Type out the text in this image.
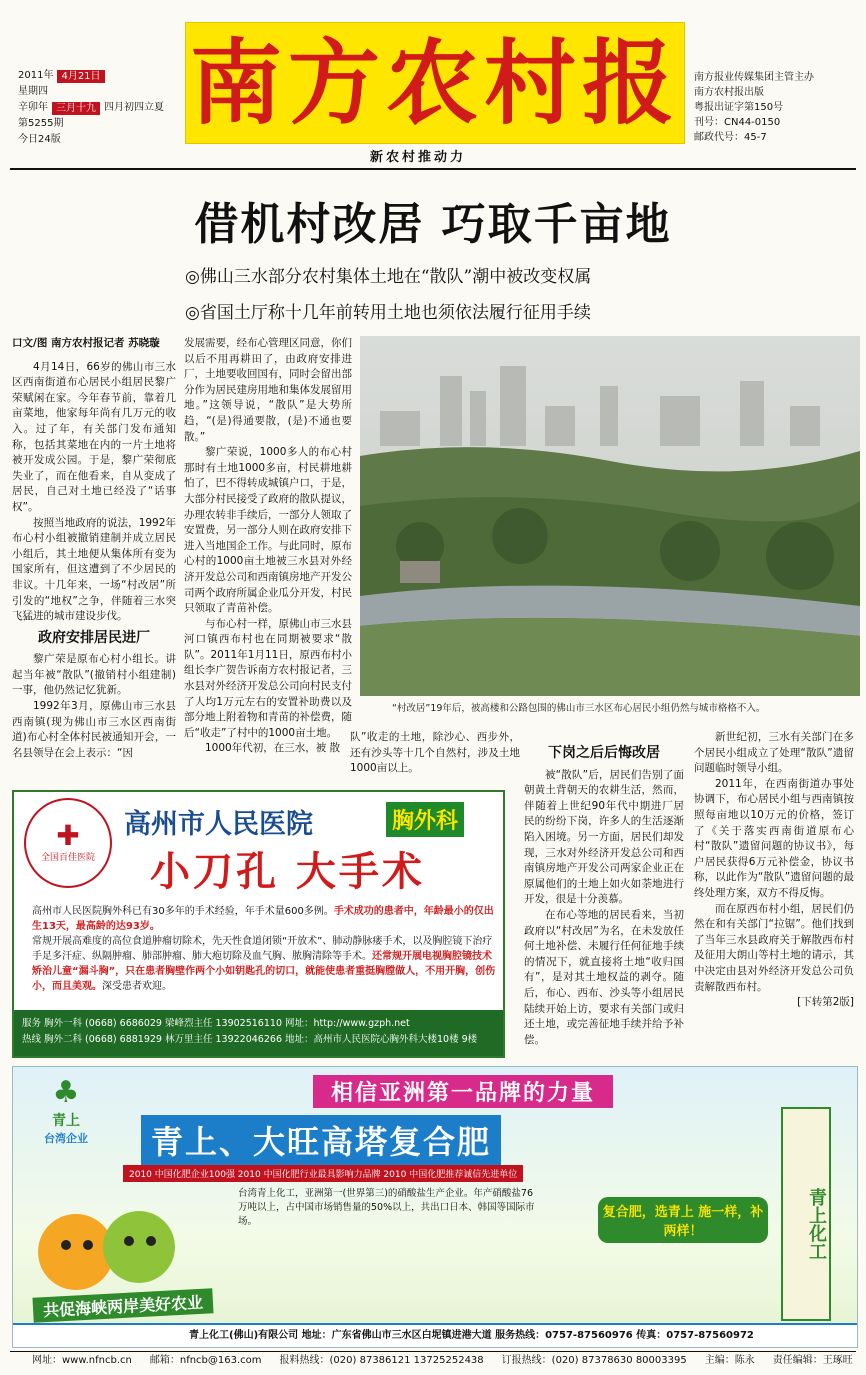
2011年 4月21日
星期四
辛卯年 三月十九 四月初四立夏
第5255期
今日24版
南方农村报
新农村推动力
南方报业传媒集团主管主办
南方农村报出版
粤报出证字第150号
刊号：CN44-0150
邮政代号：45-7
借机村改居 巧取千亩地
◎佛山三水部分农村集体土地在“散队”潮中被改变权属
◎省国土厅称十几年前转用土地也须依法履行征用手续
口文/图 南方农村报记者 苏晓璇

4月14日，66岁的佛山市三水区西南街道布心居民小组居民黎广荣赋闲在家。今年春节前，靠着几亩菜地，他家每年尚有几万元的收入。过了年，有关部门发布通知称，包括其菜地在内的一片土地将被开发成公园。于是，黎广荣彻底失业了，而在他看来，自从变成了居民，自己对土地已经没了“话事权”。

按照当地政府的说法，1992年布心村小组被撤销建制并成立居民小组后，其土地便从集体所有变为国家所有，但这遭到了不少居民的非议。十几年来，一场“村改居”所引发的“地权”之争，伴随着三水突飞猛进的城市建设步伐。

政府安排居民进厂

黎广荣是原布心村小组长。讲起当年被“散队”(撤销村小组建制)一事，他仍然记忆犹新。

1992年3月，原佛山市三水县西南镇(现为佛山市三水区西南街道)布心村全体村民被通知开会，一名县领导在会上表示：“因

发展需要，经布心管理区同意，你们以后不用再耕田了，由政府安排进厂，土地要收回国有，同时会留出部分作为居民建房用地和集体发展留用地。”这领导说，“散队”是大势所趋，“(是)得通要散，(是)不通也要散。”

黎广荣说，1000多人的布心村那时有土地1000多亩，村民耕地耕怕了，巴不得转成城镇户口，于是，大部分村民接受了政府的散队提议，办理农转非手续后，一部分人领取了安置费，另一部分人则在政府安排下进入当地国企工作。与此同时，原布心村的1000亩土地被三水县对外经济开发总公司和西南镇房地产开发公司两个政府所属企业瓜分开发，村民只领取了青苗补偿。

与布心村一样，原佛山市三水县河口镇西布村也在同期被要求“散队”。2011年1月11日，原西布村小组长李广贺告诉南方农村报记者，三水县对外经济开发总公司向村民支付了人均1万元左右的安置补助费以及部分地上附着物和青苗的补偿费，随后“收走”了村中的1000亩土地。

1000年代初，在三水，被 散

队”收走的土地，除沙心、西步外，还有沙头等十几个自然村，涉及土地1000亩以上。

“村改居”19年后，被高楼和公路包围的佛山市三水区布心居民小组仍然与城市格格不入。
下岗之后后悔改居

被“散队”后，居民们告别了面朝黄土背朝天的农耕生活，然而，伴随着上世纪90年代中期进厂居民的纷纷下岗，许多人的生活逐渐陷入困境。另一方面，居民们却发现，三水对外经济开发总公司和西南镇房地产开发公司两家企业正在原属他们的土地上如火如荼地进行开发，很是十分羡慕。

在布心等地的居民看来，当初政府以“村改居”为名，在未发放任何土地补偿、未履行任何征地手续的情况下，就直接将土地“收归国有”，是对其土地权益的剥夺。随后，布心、西布、沙头等小组居民陆续开始上访，要求有关部门或归还土地，或完善征地手续并给予补偿。

新世纪初，三水有关部门在多个居民小组成立了处理“散队”遗留问题临时领导小组。

2011年，在西南街道办事处协调下，布心居民小组与西南镇按照每亩地以10万元的价格，签订了《关于落实西南街道原布心村“散队”遗留问题的协议书》，每户居民获得6万元补偿金，协议书称，以此作为“散队”遗留问题的最终处理方案，双方不得反悔。

而在原西布村小组，居民们仍然在和有关部门“拉锯”。他们找到了当年三水县政府关于解散西布村及征用大朗山等村土地的请示，其中决定由县对外经济开发总公司负责解散西布村。

[下转第2版]
✚
全国百佳医院
高州市人民医院	胸外科
小刀孔 大手术
高州市人民医院胸外科已有30多年的手术经验，年手术量600多例。手术成功的患者中，年龄最小的仅出生13天，最高龄的达93岁。
常规开展高难度的高位食道肿瘤切除术，先天性食道闭锁“开放术”、肺动静脉瘘手术，以及胸腔镜下治疗手足多汗症、纵隔肿瘤、肺部肿瘤、肺大疱切除及血气胸、脓胸清除等手术。还常规开展电视胸腔镜技术矫治儿童“漏斗胸”，只在患者胸壁作两个小如钥匙孔的切口，就能使患者重挺胸膛做人，不用开胸，创伤小，而且美观。深受患者欢迎。
服务 胸外一科 (0668) 6686029 梁峰烈主任 13902516110 网址：http://www.gzph.net
热线 胸外二科 (0668) 6881929 林万里主任 13922046266 地址：高州市人民医院心胸外科大楼10楼 9楼
♣
青上
台湾企业
相信亚洲第一品牌的力量
青上、大旺高塔复合肥
2010 中国化肥企业100强 2010 中国化肥行业最具影响力品牌 2010 中国化肥推荐诚信先进单位
台湾青上化工，亚洲第一(世界第三)的硝酸盐生产企业。年产硝酸盐76万吨以上，占中国市场销售量的50%以上，共出口日本、韩国等国际市场。
共促海峡两岸美好农业
复合肥，选青上 施一样，补两样！	青上化工
青上化工(佛山)有限公司 地址：广东省佛山市三水区白坭镇进港大道 服务热线：0757-87560976 传真：0757-87560972
网址：www.nfncb.cn 邮箱：nfncb@163.com 报料热线：(020) 87386121 13725252438 订报热线：(020) 87378630 80003395 主编：陈永 责任编辑：王琢旺
